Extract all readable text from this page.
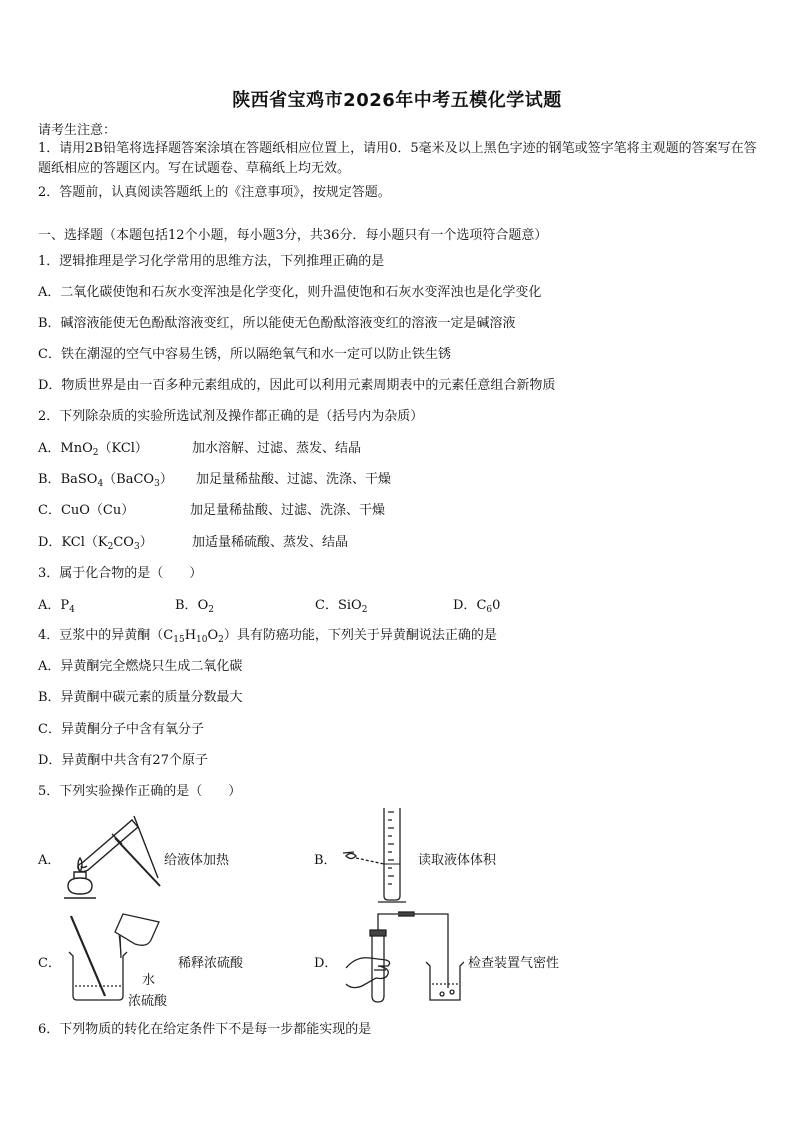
陕西省宝鸡市2026年中考五模化学试题
请考生注意：
1．请用2B铅笔将选择题答案涂填在答题纸相应位置上，请用0．5毫米及以上黑色字迹的钢笔或签字笔将主观题的答案写在答题纸相应的答题区内。写在试题卷、草稿纸上均无效。
2．答题前，认真阅读答题纸上的《注意事项》，按规定答题。
一、选择题（本题包括12个小题，每小题3分，共36分．每小题只有一个选项符合题意）
1．逻辑推理是学习化学常用的思维方法，下列推理正确的是
A．二氧化碳使饱和石灰水变浑浊是化学变化，则升温使饱和石灰水变浑浊也是化学变化
B．碱溶液能使无色酚酞溶液变红，所以能使无色酚酞溶液变红的溶液一定是碱溶液
C．铁在潮湿的空气中容易生锈，所以隔绝氧气和水一定可以防止铁生锈
D．物质世界是由一百多种元素组成的，因此可以利用元素周期表中的元素任意组合新物质
2．下列除杂质的实验所选试剂及操作都正确的是（括号内为杂质）
A．MnO$_2$（KCl）	加水溶解、过滤、蒸发、结晶
B．BaSO$_4$（BaCO$_3$） 加足量稀盐酸、过滤、洗涤、干燥
C．CuO（Cu）	加足量稀盐酸、过滤、洗涤、干燥
D．$KCl(K_2CO_3)$	加适量稀硫酸、蒸发、结晶
3．属于化合物的是（　　）
A．$P_4$	B．$O_2$	C．SiO$_2$	D．$C_60$
4．豆浆中的异黄酮$(C_{15}H_{10}O_2)$具有防癌功能，下列关于异黄酮说法正确的是
A．异黄酮完全燃烧只生成二氧化碳
B．异黄酮中碳元素的质量分数最大
C．异黄酮分子中含有氧分子
D．异黄酮中共含有27个原子
5．下列实验操作正确的是（　　）
A．	给液体加热	B．	读取液体体积
C．
水
浓硫酸
稀释浓硫酸	D．	检查装置气密性
6．下列物质的转化在给定条件下不是每一步都能实现的是
